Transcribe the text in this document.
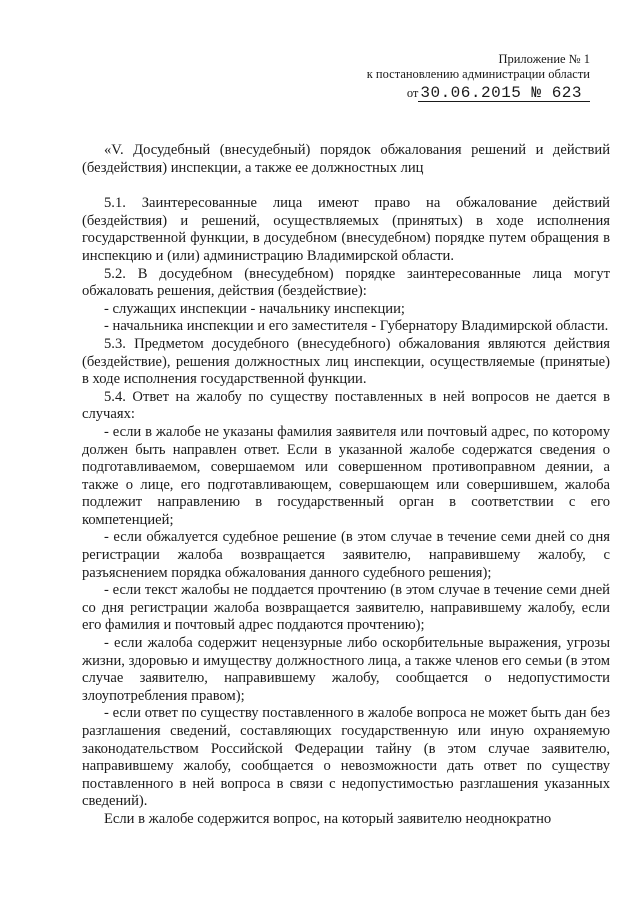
Приложение № 1
к постановлению администрации области
от 30.06.2015 № 623

«V. Досудебный (внесудебный) порядок обжалования решений и действий (бездействия) инспекции, а также ее должностных лиц

5.1. Заинтересованные лица имеют право на обжалование действий (бездействия) и решений, осуществляемых (принятых) в ходе исполнения государственной функции, в досудебном (внесудебном) порядке путем обращения в инспекцию и (или) администрацию Владимирской области.

5.2. В досудебном (внесудебном) порядке заинтересованные лица могут обжаловать решения, действия (бездействие):

- служащих инспекции - начальнику инспекции;

- начальника инспекции и его заместителя - Губернатору Владимирской области.

5.3. Предметом досудебного (внесудебного) обжалования являются действия (бездействие), решения должностных лиц инспекции, осуществляемые (принятые) в ходе исполнения государственной функции.

5.4. Ответ на жалобу по существу поставленных в ней вопросов не дается в случаях:

- если в жалобе не указаны фамилия заявителя или почтовый адрес, по которому должен быть направлен ответ. Если в указанной жалобе содержатся сведения о подготавливаемом, совершаемом или совершенном противоправном деянии, а также о лице, его подготавливающем, совершающем или совершившем, жалоба подлежит направлению в государственный орган в соответствии с его компетенцией;

- если обжалуется судебное решение (в этом случае в течение семи дней со дня регистрации жалоба возвращается заявителю, направившему жалобу, с разъяснением порядка обжалования данного судебного решения);

- если текст жалобы не поддается прочтению (в этом случае в течение семи дней со дня регистрации жалоба возвращается заявителю, направившему жалобу, если его фамилия и почтовый адрес поддаются прочтению);

- если жалоба содержит нецензурные либо оскорбительные выражения, угрозы жизни, здоровью и имуществу должностного лица, а также членов его семьи (в этом случае заявителю, направившему жалобу, сообщается о недопустимости злоупотребления правом);

- если ответ по существу поставленного в жалобе вопроса не может быть дан без разглашения сведений, составляющих государственную или иную охраняемую законодательством Российской Федерации тайну (в этом случае заявителю, направившему жалобу, сообщается о невозможности дать ответ по существу поставленного в ней вопроса в связи с недопустимостью разглашения указанных сведений).

Если в жалобе содержится вопрос, на который заявителю неоднократно
